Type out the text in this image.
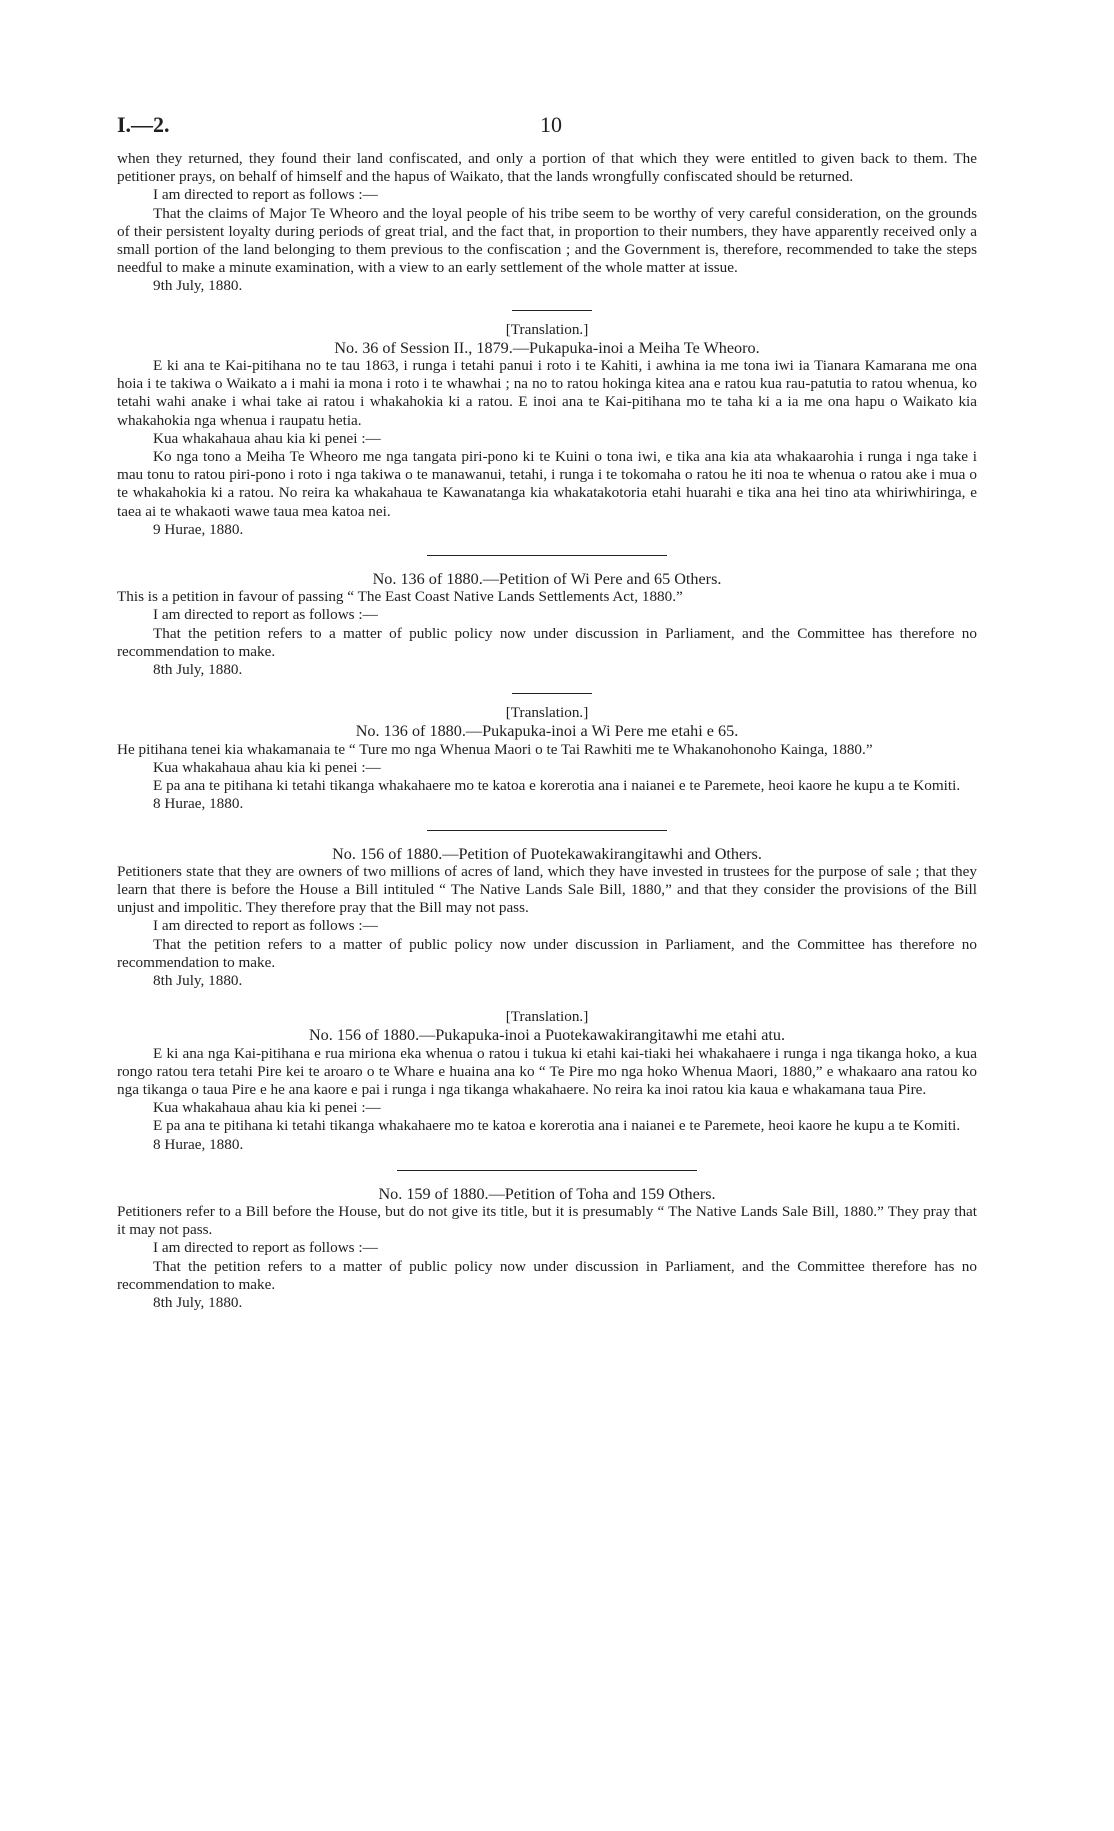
I.—2.	10

when they returned, they found their land confiscated, and only a portion of that which they were entitled to given back to them. The petitioner prays, on behalf of himself and the hapus of Waikato, that the lands wrongfully confiscated should be returned.

I am directed to report as follows :—

That the claims of Major Te Wheoro and the loyal people of his tribe seem to be worthy of very careful consideration, on the grounds of their persistent loyalty during periods of great trial, and the fact that, in proportion to their numbers, they have apparently received only a small portion of the land belonging to them previous to the confiscation ; and the Government is, therefore, recommended to take the steps needful to make a minute examination, with a view to an early settlement of the whole matter at issue.

9th July, 1880.

[Translation.]

No. 36 of Session II., 1879.—Pukapuka-inoi a Meiha Te Wheoro.

E ki ana te Kai-pitihana no te tau 1863, i runga i tetahi panui i roto i te Kahiti, i awhina ia me tona iwi ia Tianara Kamarana me ona hoia i te takiwa o Waikato a i mahi ia mona i roto i te whawhai ; na no to ratou hokinga kitea ana e ratou kua rau-patutia to ratou whenua, ko tetahi wahi anake i whai take ai ratou i whakahokia ki a ratou. E inoi ana te Kai-pitihana mo te taha ki a ia me ona hapu o Waikato kia whakahokia nga whenua i raupatu hetia.

Kua whakahaua ahau kia ki penei :—

Ko nga tono a Meiha Te Wheoro me nga tangata piri-pono ki te Kuini o tona iwi, e tika ana kia ata whakaarohia i runga i nga take i mau tonu to ratou piri-pono i roto i nga takiwa o te manawanui, tetahi, i runga i te tokomaha o ratou he iti noa te whenua o ratou ake i mua o te whakahokia ki a ratou. No reira ka whakahaua te Kawanatanga kia whakatakotoria etahi huarahi e tika ana hei tino ata whiriwhiringa, e taea ai te whakaoti wawe taua mea katoa nei.

9 Hurae, 1880.

No. 136 of 1880.—Petition of Wi Pere and 65 Others.

This is a petition in favour of passing “ The East Coast Native Lands Settlements Act, 1880.”

I am directed to report as follows :—

That the petition refers to a matter of public policy now under discussion in Parliament, and the Committee has therefore no recommendation to make.

8th July, 1880.

[Translation.]

No. 136 of 1880.—Pukapuka-inoi a Wi Pere me etahi e 65.

He pitihana tenei kia whakamanaia te “ Ture mo nga Whenua Maori o te Tai Rawhiti me te Whakanohonoho Kainga, 1880.”

Kua whakahaua ahau kia ki penei :—

E pa ana te pitihana ki tetahi tikanga whakahaere mo te katoa e korerotia ana i naianei e te Paremete, heoi kaore he kupu a te Komiti.

8 Hurae, 1880.

No. 156 of 1880.—Petition of Puotekawakirangitawhi and Others.

Petitioners state that they are owners of two millions of acres of land, which they have invested in trustees for the purpose of sale ; that they learn that there is before the House a Bill intituled “ The Native Lands Sale Bill, 1880,” and that they consider the provisions of the Bill unjust and impolitic. They therefore pray that the Bill may not pass.

I am directed to report as follows :—

That the petition refers to a matter of public policy now under discussion in Parliament, and the Committee has therefore no recommendation to make.

8th July, 1880.

[Translation.]

No. 156 of 1880.—Pukapuka-inoi a Puotekawakirangitawhi me etahi atu.

E ki ana nga Kai-pitihana e rua miriona eka whenua o ratou i tukua ki etahi kai-tiaki hei whakahaere i runga i nga tikanga hoko, a kua rongo ratou tera tetahi Pire kei te aroaro o te Whare e huaina ana ko “ Te Pire mo nga hoko Whenua Maori, 1880,” e whakaaro ana ratou ko nga tikanga o taua Pire e he ana kaore e pai i runga i nga tikanga whakahaere. No reira ka inoi ratou kia kaua e whakamana taua Pire.

Kua whakahaua ahau kia ki penei :—

E pa ana te pitihana ki tetahi tikanga whakahaere mo te katoa e korerotia ana i naianei e te Paremete, heoi kaore he kupu a te Komiti.

8 Hurae, 1880.

No. 159 of 1880.—Petition of Toha and 159 Others.

Petitioners refer to a Bill before the House, but do not give its title, but it is presumably “ The Native Lands Sale Bill, 1880.” They pray that it may not pass.

I am directed to report as follows :—

That the petition refers to a matter of public policy now under discussion in Parliament, and the Committee therefore has no recommendation to make.

8th July, 1880.
